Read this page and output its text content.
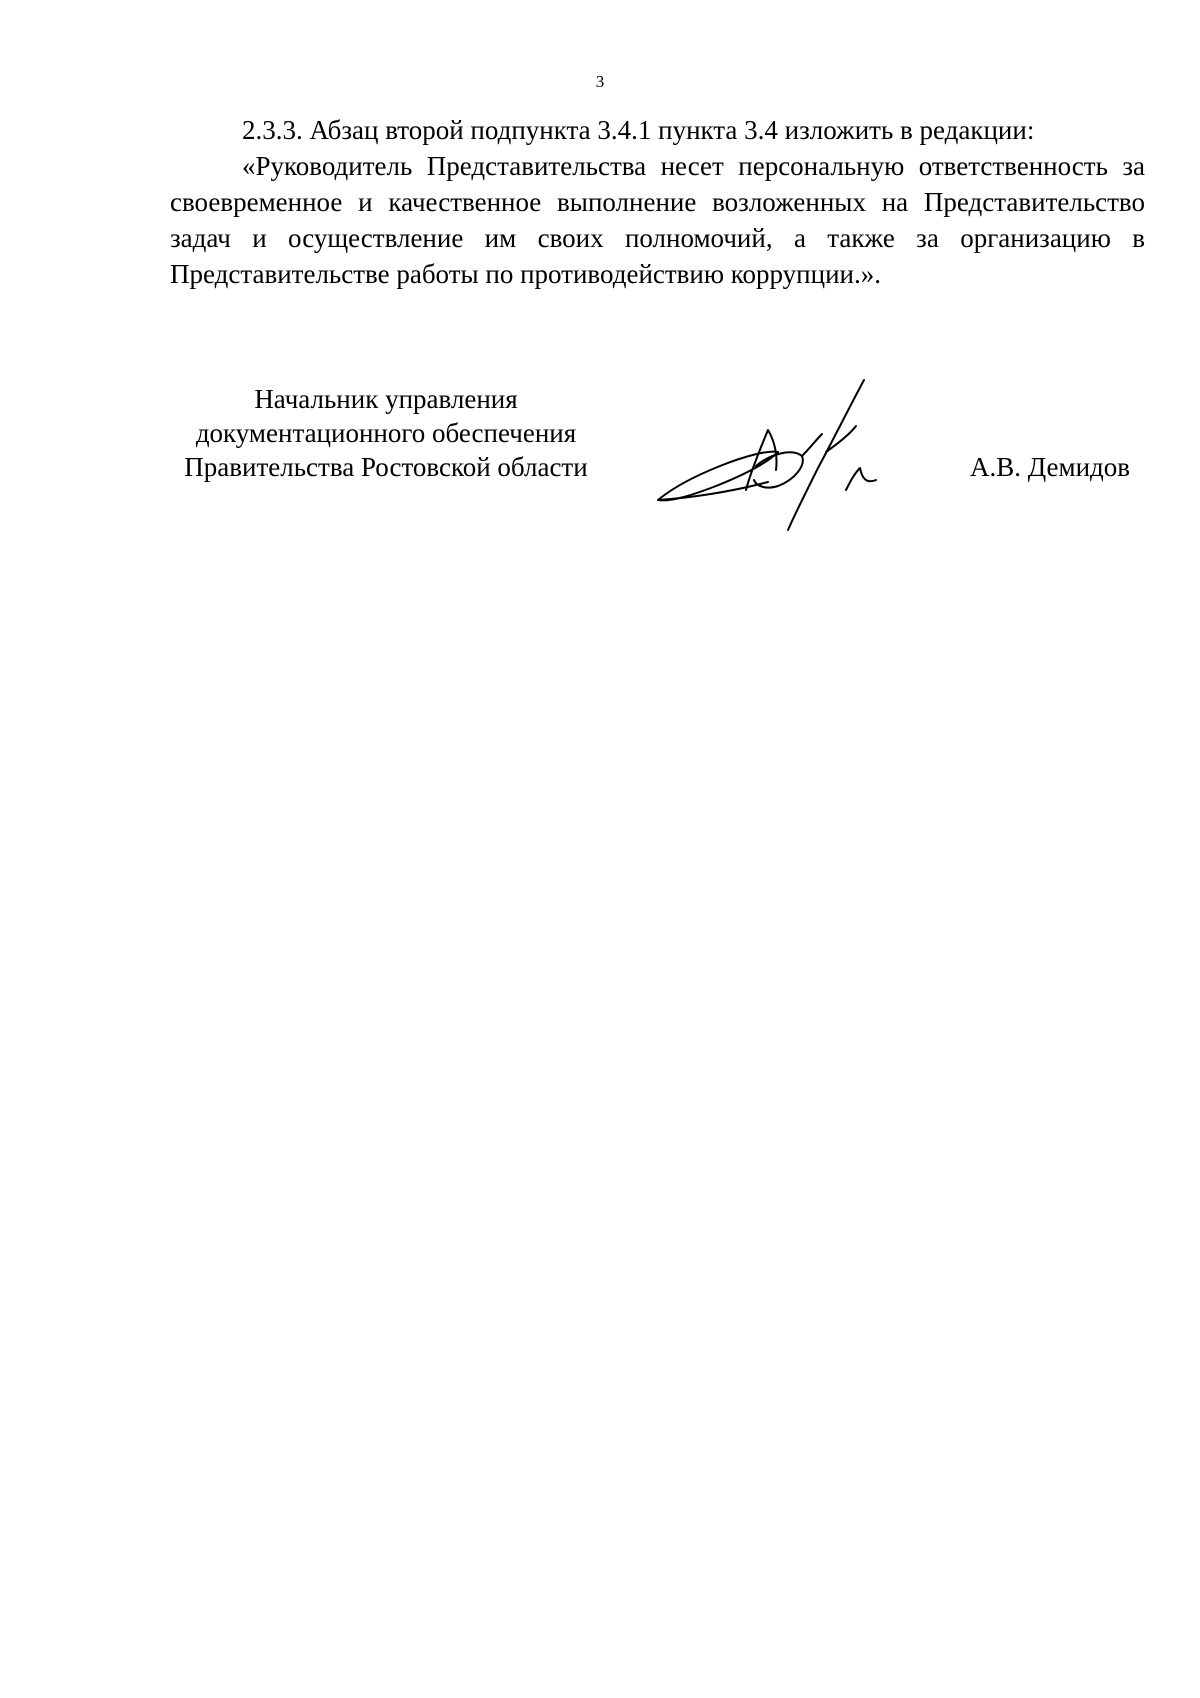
3

2.3.3. Абзац второй подпункта 3.4.1 пункта 3.4 изложить в редакции:

«Руководитель Представительства несет персональную ответственность за своевременное и качественное выполнение возложенных на Представительство задач и осуществление им своих полномочий, а также за организацию в Представительстве работы по противодействию коррупции.».

Начальник управления
документационного обеспечения
Правительства Ростовской области	А.В. Демидов
